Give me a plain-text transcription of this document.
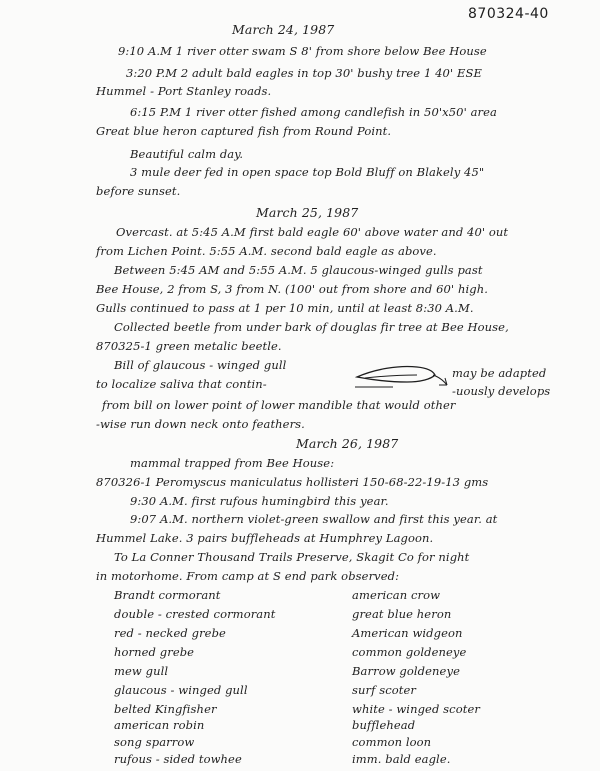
870324-40
March 24, 1987
9:10 A.M 1 river otter swam S 8' from shore below Bee House
3:20 P.M 2 adult bald eagles in top 30' bushy tree 1 40' ESE
Hummel - Port Stanley roads.
6:15 P.M 1 river otter fished among candlefish in 50'x50' area
Great blue heron captured fish from Round Point.
Beautiful calm day.
3 mule deer fed in open space top Bold Bluff on Blakely 45"
before sunset.
March 25, 1987
Overcast. at 5:45 A.M first bald eagle 60' above water and 40' out
from Lichen Point. 5:55 A.M. second bald eagle as above.
Between 5:45 AM and 5:55 A.M. 5 glaucous-winged gulls past
Bee House, 2 from S, 3 from N. (100' out from shore and 60' high.
Gulls continued to pass at 1 per 10 min, until at least 8:30 A.M.
Collected beetle from under bark of douglas fir tree at Bee House,
870325-1 green metalic beetle.
Bill of glaucous - winged gull
to localize saliva that contin-
may be adapted
-uously develops
from bill on lower point of lower mandible that would other
-wise run down neck onto feathers.
March 26, 1987
mammal trapped from Bee House:
870326-1 Peromyscus maniculatus hollisteri 150-68-22-19-13 gms
9:30 A.M. first rufous humingbird this year.
9:07 A.M. northern violet-green swallow and first this year. at
Hummel Lake. 3 pairs buffleheads at Humphrey Lagoon.
To La Conner Thousand Trails Preserve, Skagit Co for night
in motorhome. From camp at S end park observed:
Brandt cormorant
double - crested cormorant
red - necked grebe
horned grebe
mew gull
glaucous - winged gull
belted Kingfisher
american robin
song sparrow
rufous - sided towhee
american crow
great blue heron
American widgeon
common goldeneye
Barrow goldeneye
surf scoter
white - winged scoter
bufflehead
common loon
imm. bald eagle.
